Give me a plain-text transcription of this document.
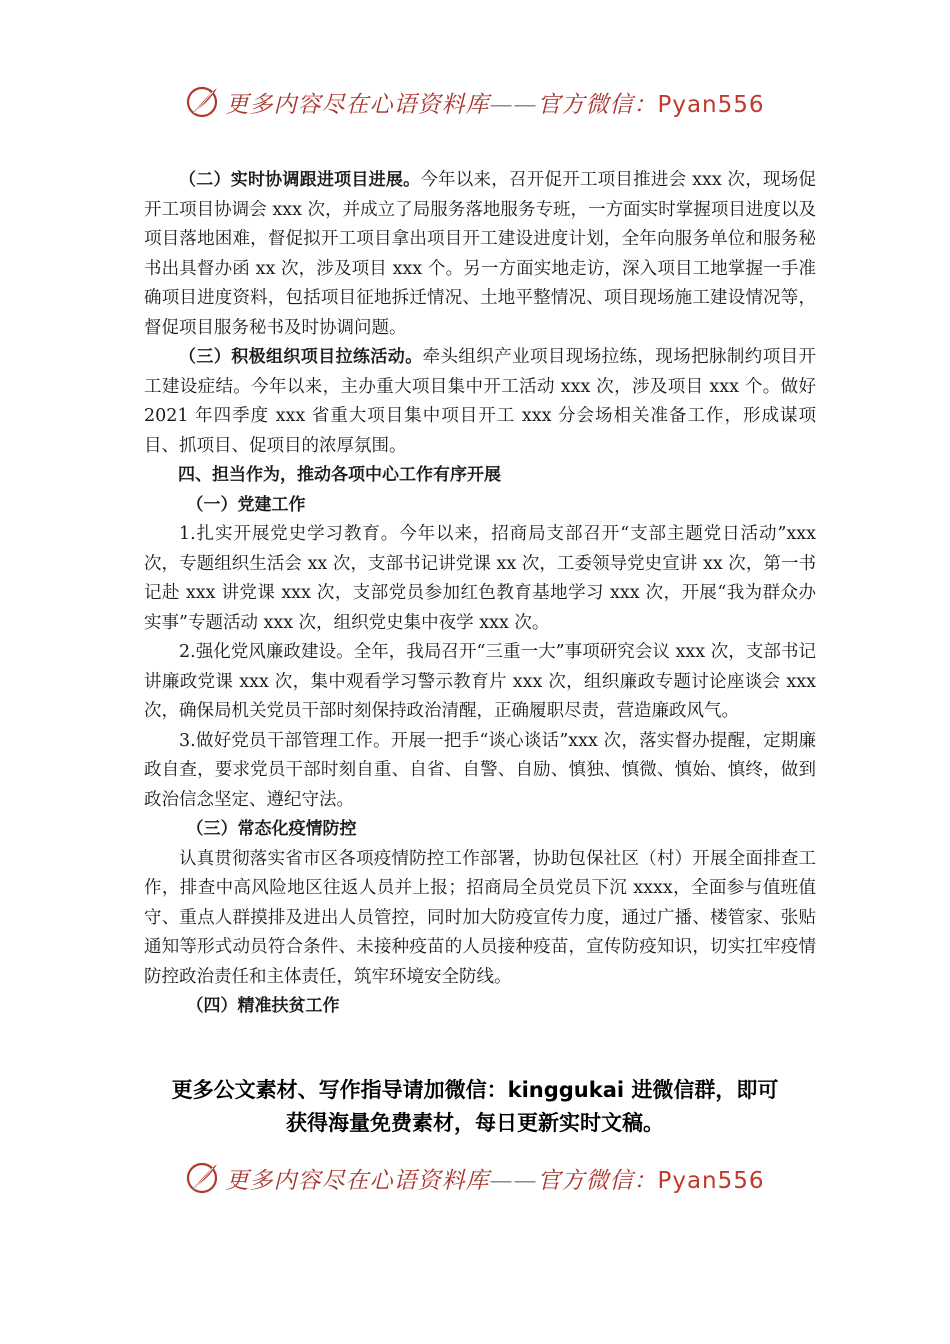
更多内容尽在心语资料库——官方微信：Pyan556

（二）实时协调跟进项目进展。今年以来，召开促开工项目推进会 xxx 次，现场促开工项目协调会 xxx 次，并成立了局服务落地服务专班，一方面实时掌握项目进度以及项目落地困难，督促拟开工项目拿出项目开工建设进度计划，全年向服务单位和服务秘书出具督办函 xx 次，涉及项目 xxx 个。另一方面实地走访，深入项目工地掌握一手准确项目进度资料，包括项目征地拆迁情况、土地平整情况、项目现场施工建设情况等，督促项目服务秘书及时协调问题。

（三）积极组织项目拉练活动。牵头组织产业项目现场拉练，现场把脉制约项目开工建设症结。今年以来，主办重大项目集中开工活动 xxx 次，涉及项目 xxx 个。做好 2021 年四季度 xxx 省重大项目集中项目开工 xxx 分会场相关准备工作，形成谋项目、抓项目、促项目的浓厚氛围。

四、担当作为，推动各项中心工作有序开展

（一）党建工作

1.扎实开展党史学习教育。今年以来，招商局支部召开“支部主题党日活动”xxx 次，专题组织生活会 xx 次，支部书记讲党课 xx 次，工委领导党史宣讲 xx 次，第一书记赴 xxx 讲党课 xxx 次，支部党员参加红色教育基地学习 xxx 次，开展“我为群众办实事”专题活动 xxx 次，组织党史集中夜学 xxx 次。

2.强化党风廉政建设。全年，我局召开“三重一大”事项研究会议 xxx 次，支部书记讲廉政党课 xxx 次，集中观看学习警示教育片 xxx 次，组织廉政专题讨论座谈会 xxx 次，确保局机关党员干部时刻保持政治清醒，正确履职尽责，营造廉政风气。

3.做好党员干部管理工作。开展一把手“谈心谈话”xxx 次，落实督办提醒，定期廉政自查，要求党员干部时刻自重、自省、自警、自励、慎独、慎微、慎始、慎终，做到政治信念坚定、遵纪守法。

（三）常态化疫情防控

认真贯彻落实省市区各项疫情防控工作部署，协助包保社区（村）开展全面排查工作，排查中高风险地区往返人员并上报；招商局全员党员下沉 xxxx，全面参与值班值守、重点人群摸排及进出人员管控，同时加大防疫宣传力度，通过广播、楼管家、张贴通知等形式动员符合条件、未接种疫苗的人员接种疫苗，宣传防疫知识，切实扛牢疫情防控政治责任和主体责任，筑牢环境安全防线。

（四）精准扶贫工作

更多公文素材、写作指导请加微信：kinggukai 进微信群，即可
获得海量免费素材，每日更新实时文稿。
更多内容尽在心语资料库——官方微信：Pyan556
